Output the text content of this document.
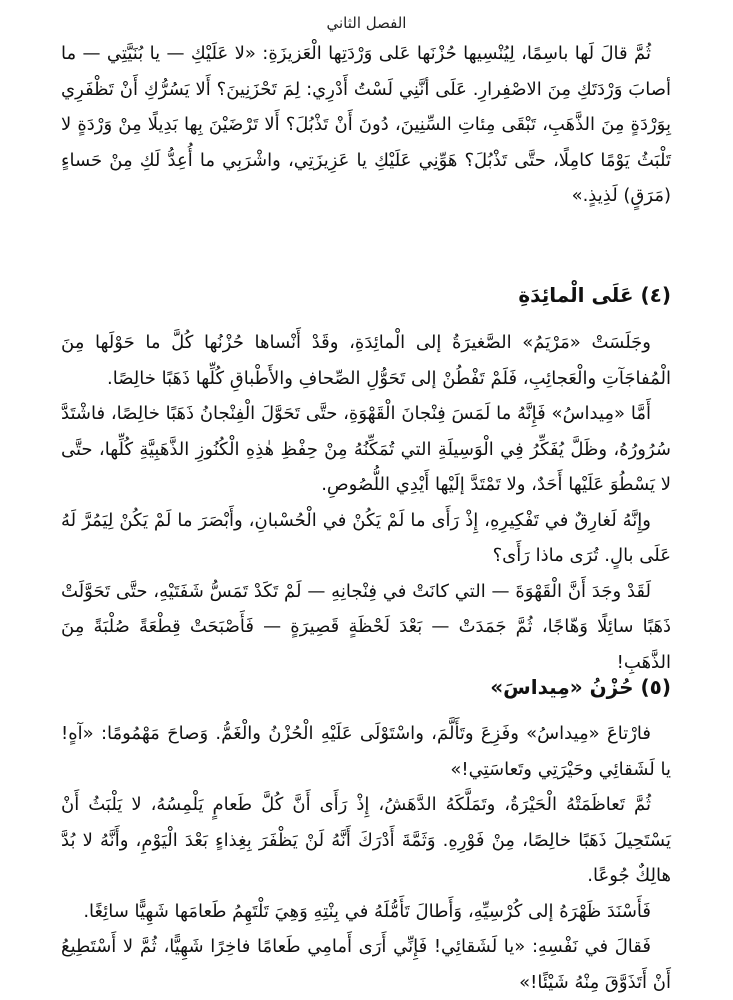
الفصل الثاني

ثُمَّ قالَ لَها باسِمًا، لِيُنْسِيها حُزْنَها عَلى وَرْدَتِها الْعَزيزَةِ: «لا عَلَيْكِ — يا بُنَيَّتِي — ما أصابَ وَرْدَتَكِ مِنَ الاصْفِرارِ. عَلَى أنَّنِي لَسْتُ أَدْرِي: لِمَ تَحْزَنِينَ؟ أَلا يَسُرُّكِ أَنْ تَظْفَرِي بِوَرْدَةٍ مِنَ الذَّهَبِ، تَبْقَى مِئاتِ السِّنِينَ، دُونَ أَنْ تَذْبُلَ؟ أَلا تَرْضَيْنَ بِها بَدِيلًا مِنْ وَرْدَةٍ لا تَلْبَثُ يَوْمًا كامِلًا، حتَّى تَذْبُلَ؟ هَوِّنِي عَلَيْكِ يا عَزِيزَتِي، واشْرَبِي ما أُعِدُّ لَكِ مِنْ حَساءٍ (مَرَقٍ) لَذِيذٍ.»

(٤) عَلَى الْمائِدَةِ

وجَلَسَتْ «مَرْيَمُ» الصَّغيرَةُ إلى الْمائِدَةِ، وقَدْ أَنْساها حُزْنُها كُلَّ ما حَوْلَها مِنَ الْمُفاجَآتِ والْعَجائِبِ، فَلَمْ تَفْطُنْ إلى تَحَوُّلِ الصِّحافِ والأَطْباقِ كُلِّها ذَهَبًا خالِصًا.

أَمَّا «مِيداسُ» فَإِنَّهُ ما لَمَسَ فِنْجانَ الْقَهْوَةِ، حتَّى تَحَوَّلَ الْفِنْجانُ ذَهَبًا خالِصًا، فاشْتَدَّ سُرُورُهُ، وظَلَّ يُفَكِّرُ فِي الْوَسِيلَةِ التي تُمَكِّنُهُ مِنْ حِفْظِ هٰذِهِ الْكُنُوزِ الذَّهَبِيَّةِ كُلِّها، حتَّى لا يَسْطُوَ عَلَيْها أَحَدٌ، ولا تَمْتَدَّ إلَيْها أَيْدِي اللُّصُوصِ.

وإِنَّهُ لَغارِقٌ في تَفْكِيرِهِ، إِذْ رَأَى ما لَمْ يَكُنْ في الْحُسْبانِ، وأَبْصَرَ ما لَمْ يَكُنْ لِيَمُرَّ لَهُ عَلَى بالٍ. تُرَى ماذا رَأَى؟

لَقَدْ وجَدَ أَنَّ الْقَهْوَةَ — التي كانَتْ في فِنْجانِهِ — لَمْ تَكَدْ تَمَسُّ شَفَتَيْهِ، حتَّى تَحَوَّلَتْ ذَهَبًا سائِلًا وَهّاجًا، ثُمَّ جَمَدَتْ — بَعْدَ لَحْظَةٍ قَصِيرَةٍ — فَأَصْبَحَتْ قِطْعَةً صُلْبَةً مِنَ الذَّهَبِ!

(٥) حُزْنُ «مِيداسَ»

فارْتاعَ «مِيداسُ» وفَزِعَ وتَأَلَّمَ، واسْتَوْلَى عَلَيْهِ الْحُزْنُ والْغَمُّ. وَصاحَ مَهْمُومًا: «آهٍ! يا لَشَقائِي وحَيْرَتِي وتَعاسَتِي!»

ثُمَّ تَعاظَمَتْهُ الْحَيْرَةُ، وتَمَلَّكَهُ الدَّهَشُ، إِذْ رَأَى أَنَّ كُلَّ طَعامٍ يَلْمِسُهُ، لا يَلْبَثُ أَنْ يَسْتَحِيلَ ذَهَبًا خالِصًا، مِنْ فَوْرِهِ. وَثَمَّةَ أَدْرَكَ أَنَّهُ لَنْ يَظْفَرَ بِغِذاءٍ بَعْدَ الْيَوْمِ، وأَنَّهُ لا بُدَّ هالِكٌ جُوعًا.

فَأَسْنَدَ ظَهْرَهُ إلى كُرْسِيِّهِ، وَأَطالَ تَأَمُّلَهُ في بِنْتِهِ وَهِيَ تَلْتَهِمُ طَعامَها شَهِيًّا سائِغًا.

فَقالَ في نَفْسِهِ: «يا لَشَقائِي! فَإِنِّي أَرَى أَمامِي طَعامًا فاخِرًا شَهِيًّا، ثُمَّ لا أَسْتَطِيعُ أَنْ أَتَذَوَّقَ مِنْهُ شَيْئًا!»
